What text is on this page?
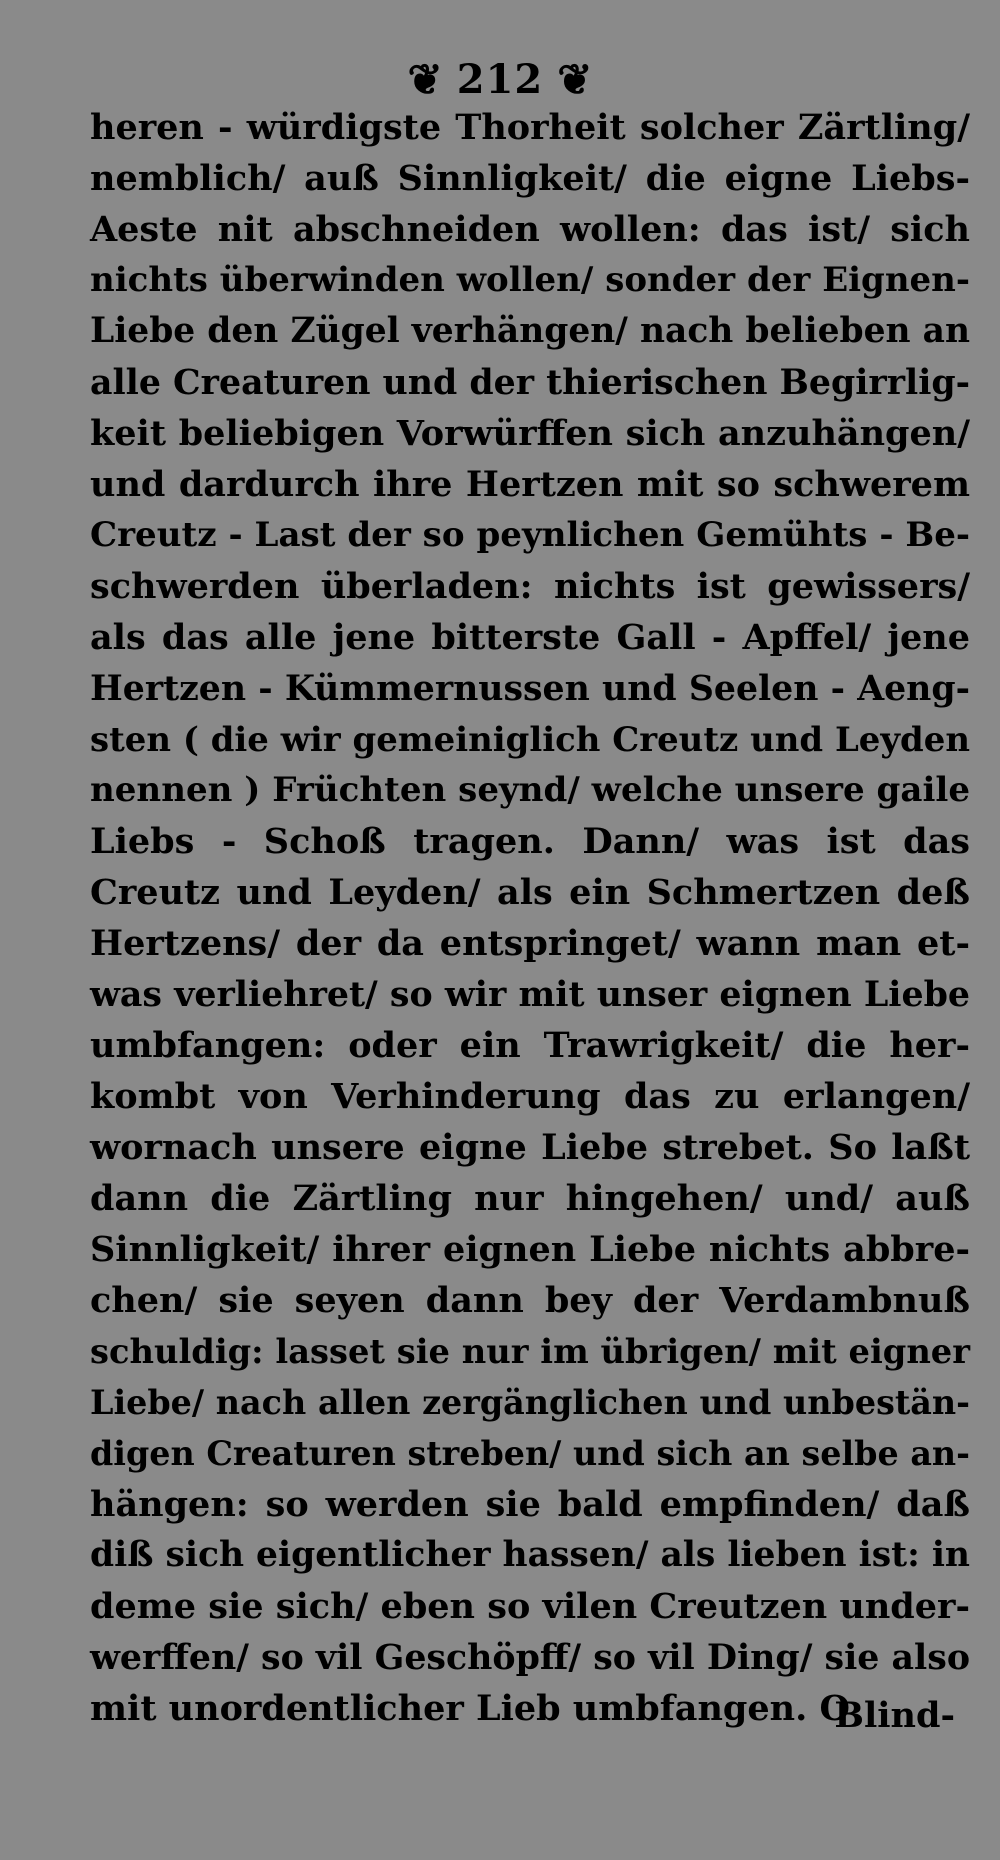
❦ 212 ❦
heren - würdigste Thorheit solcher Zärtling/
nemblich/ auß Sinnligkeit/ die eigne Liebs-
Aeste nit abschneiden wollen: das ist/ sich
nichts überwinden wollen/ sonder der Eignen-
Liebe den Zügel verhängen/ nach belieben an
alle Creaturen und der thierischen Begirrlig-
keit beliebigen Vorwürffen sich anzuhängen/
und dardurch ihre Hertzen mit so schwerem
Creutz - Last der so peynlichen Gemühts - Be-
schwerden überladen: nichts ist gewissers/
als das alle jene bitterste Gall - Apffel/ jene
Hertzen - Kümmernussen und Seelen - Aeng-
sten ( die wir gemeiniglich Creutz und Leyden
nennen ) Früchten seynd/ welche unsere gaile
Liebs - Schoß tragen. Dann/ was ist das
Creutz und Leyden/ als ein Schmertzen deß
Hertzens/ der da entspringet/ wann man et-
was verliehret/ so wir mit unser eignen Liebe
umbfangen: oder ein Trawrigkeit/ die her-
kombt von Verhinderung das zu erlangen/
wornach unsere eigne Liebe strebet. So laßt
dann die Zärtling nur hingehen/ und/ auß
Sinnligkeit/ ihrer eignen Liebe nichts abbre-
chen/ sie seyen dann bey der Verdambnuß
schuldig: lasset sie nur im übrigen/ mit eigner
Liebe/ nach allen zergänglichen und unbestän-
digen Creaturen streben/ und sich an selbe an-
hängen: so werden sie bald empfinden/ daß
diß sich eigentlicher hassen/ als lieben ist: in
deme sie sich/ eben so vilen Creutzen under-
werffen/ so vil Geschöpff/ so vil Ding/ sie also
mit unordentlicher Lieb umbfangen. O
Blind-
